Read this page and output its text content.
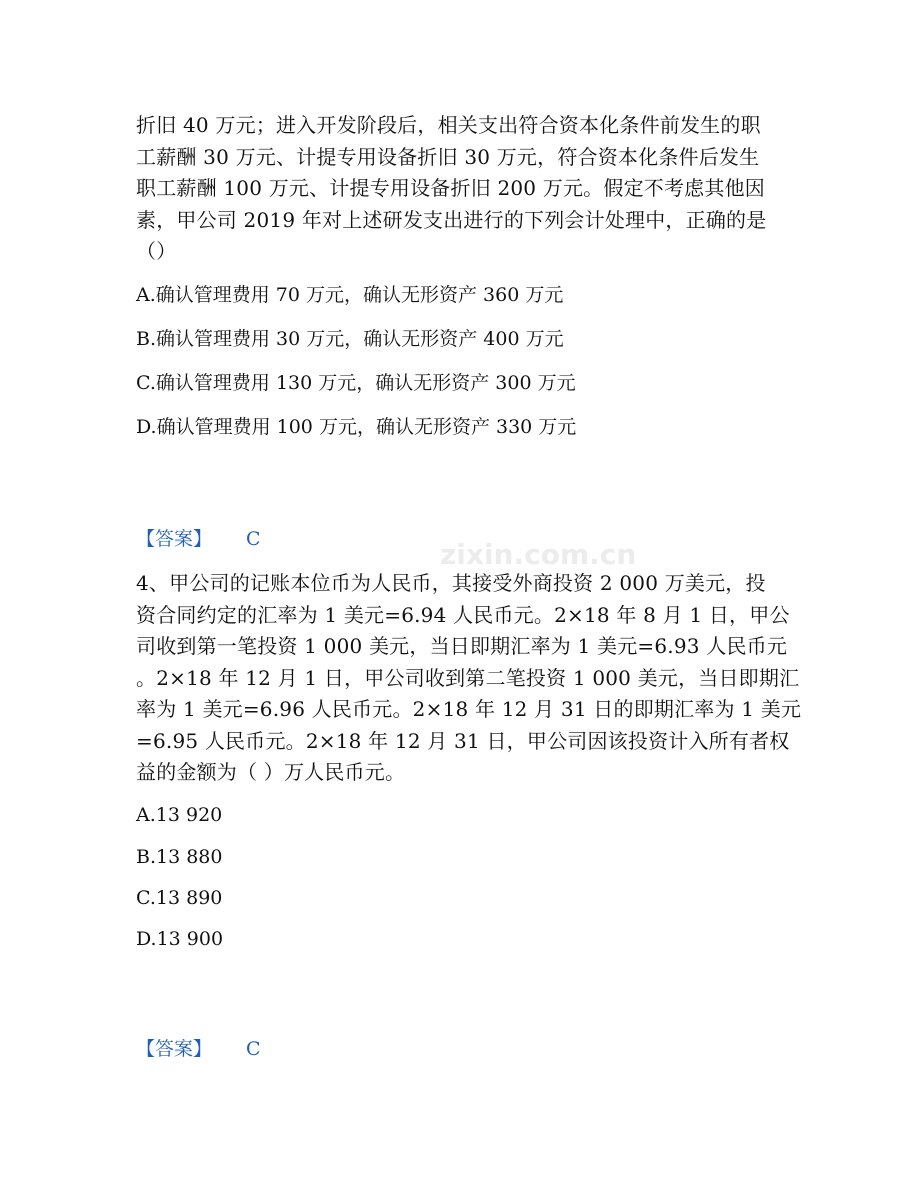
折旧 40 万元；进入开发阶段后，相关支出符合资本化条件前发生的职
工薪酬 30 万元、计提专用设备折旧 30 万元，符合资本化条件后发生
职工薪酬 100 万元、计提专用设备折旧 200 万元。假定不考虑其他因
素，甲公司 2019 年对上述研发支出进行的下列会计处理中，正确的是
（）

A.确认管理费用 70 万元，确认无形资产 360 万元

B.确认管理费用 30 万元，确认无形资产 400 万元

C.确认管理费用 130 万元，确认无形资产 300 万元

D.确认管理费用 100 万元，确认无形资产 330 万元

【答案】 C	zixin.com.cn

4、甲公司的记账本位币为人民币，其接受外商投资 2 000 万美元，投
资合同约定的汇率为 1 美元=6.94 人民币元。2×18 年 8 月 1 日，甲公
司收到第一笔投资 1 000 美元，当日即期汇率为 1 美元=6.93 人民币元
。2×18 年 12 月 1 日，甲公司收到第二笔投资 1 000 美元，当日即期汇
率为 1 美元=6.96 人民币元。2×18 年 12 月 31 日的即期汇率为 1 美元
=6.95 人民币元。2×18 年 12 月 31 日，甲公司因该投资计入所有者权
益的金额为（ ）万人民币元。

A.13 920

B.13 880

C.13 890

D.13 900

【答案】 C
